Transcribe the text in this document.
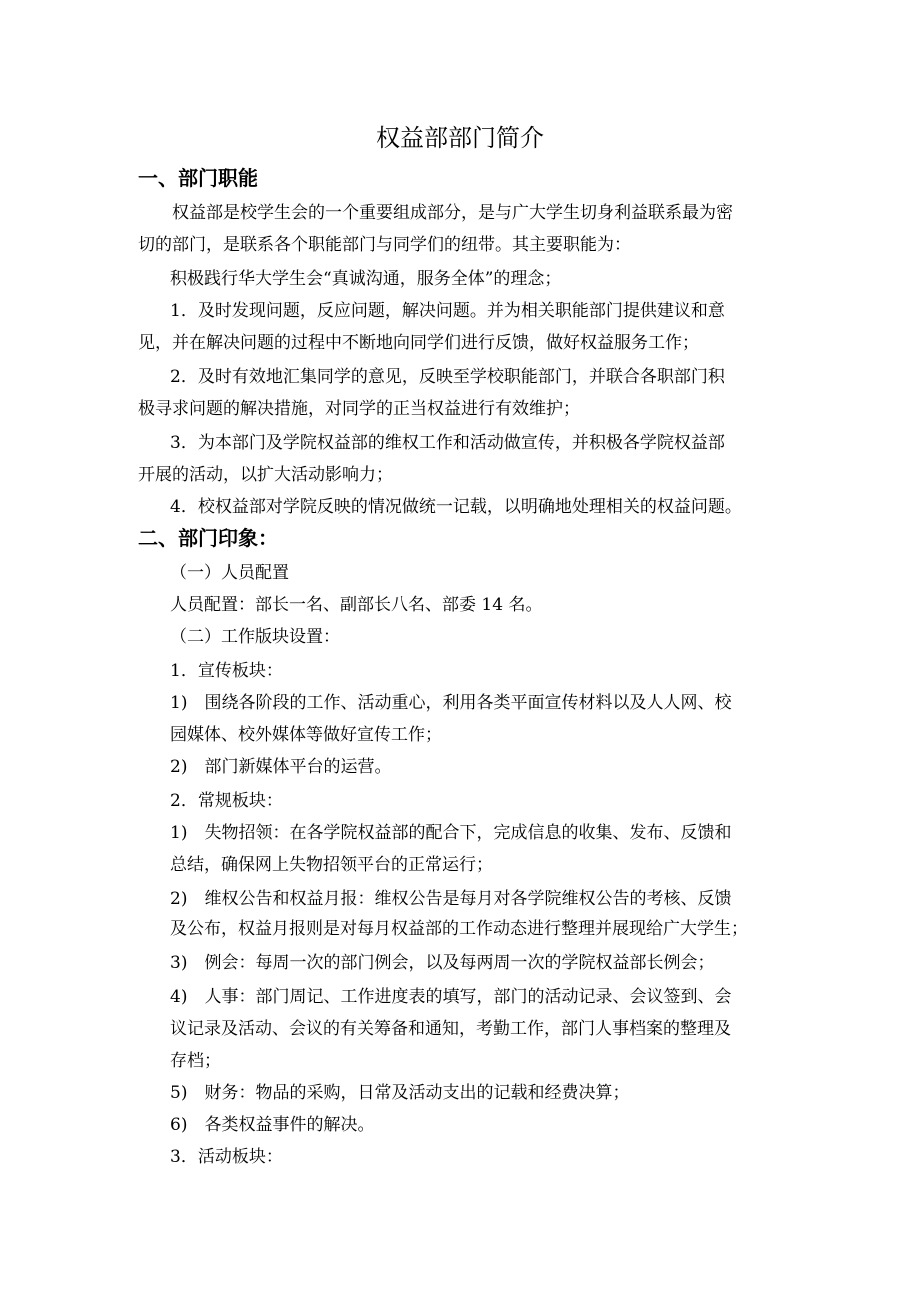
权益部部门简介
一、部门职能
权益部是校学生会的一个重要组成部分，是与广大学生切身利益联系最为密
切的部门，是联系各个职能部门与同学们的纽带。其主要职能为：
积极践行华大学生会“真诚沟通，服务全体”的理念；
1．及时发现问题，反应问题，解决问题。并为相关职能部门提供建议和意
见，并在解决问题的过程中不断地向同学们进行反馈，做好权益服务工作；
2．及时有效地汇集同学的意见，反映至学校职能部门，并联合各职部门积
极寻求问题的解决措施，对同学的正当权益进行有效维护；
3．为本部门及学院权益部的维权工作和活动做宣传，并积极各学院权益部
开展的活动，以扩大活动影响力；
4．校权益部对学院反映的情况做统一记载，以明确地处理相关的权益问题。
二、部门印象：
（一）人员配置
人员配置：部长一名、副部长八名、部委 14 名。
（二）工作版块设置：
1．宣传板块：
1)　围绕各阶段的工作、活动重心，利用各类平面宣传材料以及人人网、校
园媒体、校外媒体等做好宣传工作；
2)　部门新媒体平台的运营。
2．常规板块：
1)　失物招领：在各学院权益部的配合下，完成信息的收集、发布、反馈和
总结，确保网上失物招领平台的正常运行；
2)　维权公告和权益月报：维权公告是每月对各学院维权公告的考核、反馈
及公布，权益月报则是对每月权益部的工作动态进行整理并展现给广大学生；
3)　例会：每周一次的部门例会，以及每两周一次的学院权益部长例会；
4)　人事：部门周记、工作进度表的填写，部门的活动记录、会议签到、会
议记录及活动、会议的有关筹备和通知，考勤工作，部门人事档案的整理及
存档；
5)　财务：物品的采购，日常及活动支出的记载和经费决算；
6)　各类权益事件的解决。
3．活动板块：
